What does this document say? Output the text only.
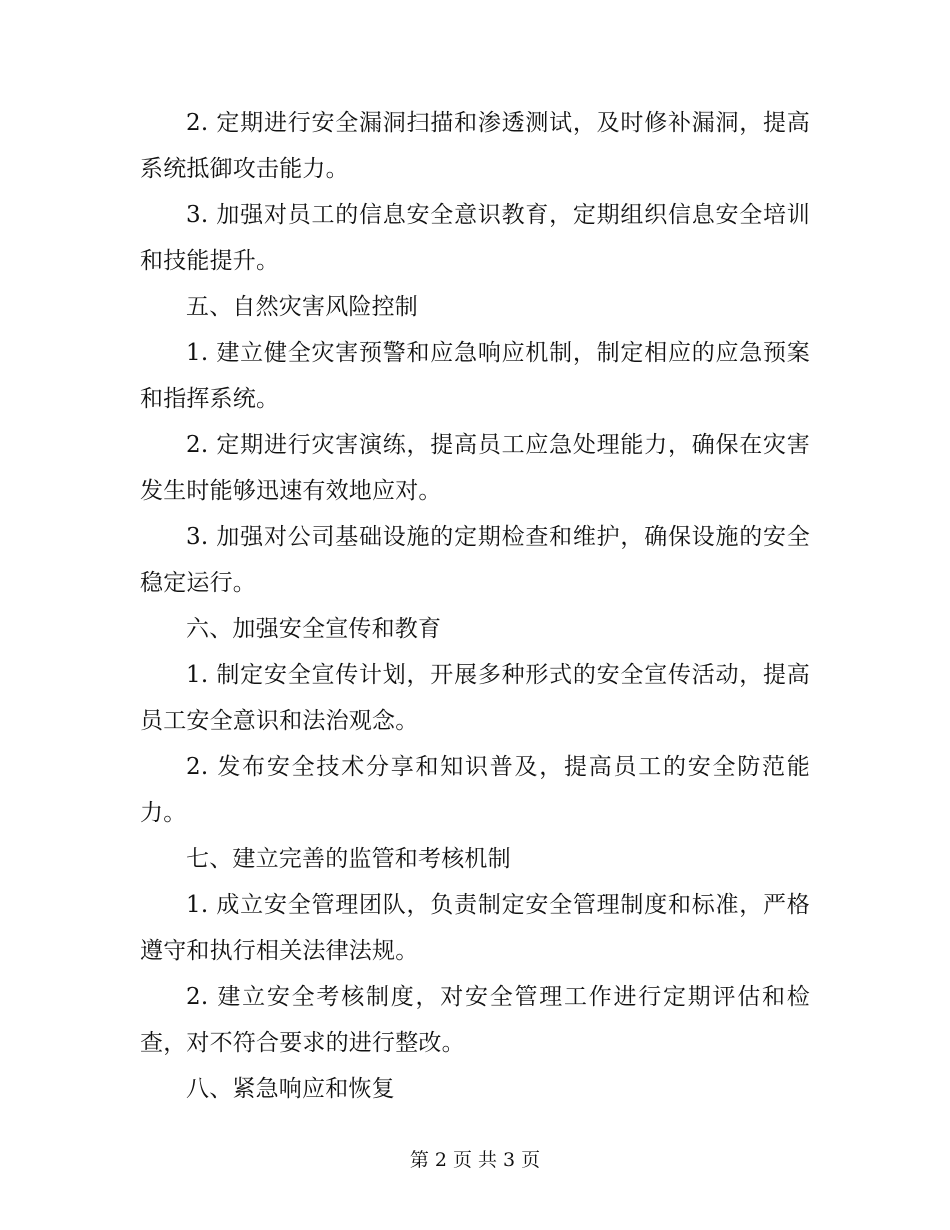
2. 定期进行安全漏洞扫描和渗透测试，及时修补漏洞，提高系统抵御攻击能力。

3. 加强对员工的信息安全意识教育，定期组织信息安全培训和技能提升。

五、自然灾害风险控制

1. 建立健全灾害预警和应急响应机制，制定相应的应急预案和指挥系统。

2. 定期进行灾害演练，提高员工应急处理能力，确保在灾害发生时能够迅速有效地应对。

3. 加强对公司基础设施的定期检查和维护，确保设施的安全稳定运行。

六、加强安全宣传和教育

1. 制定安全宣传计划，开展多种形式的安全宣传活动，提高员工安全意识和法治观念。

2. 发布安全技术分享和知识普及，提高员工的安全防范能力。

七、建立完善的监管和考核机制

1. 成立安全管理团队，负责制定安全管理制度和标准，严格遵守和执行相关法律法规。

2. 建立安全考核制度，对安全管理工作进行定期评估和检查，对不符合要求的进行整改。

八、紧急响应和恢复

第 2 页 共 3 页
